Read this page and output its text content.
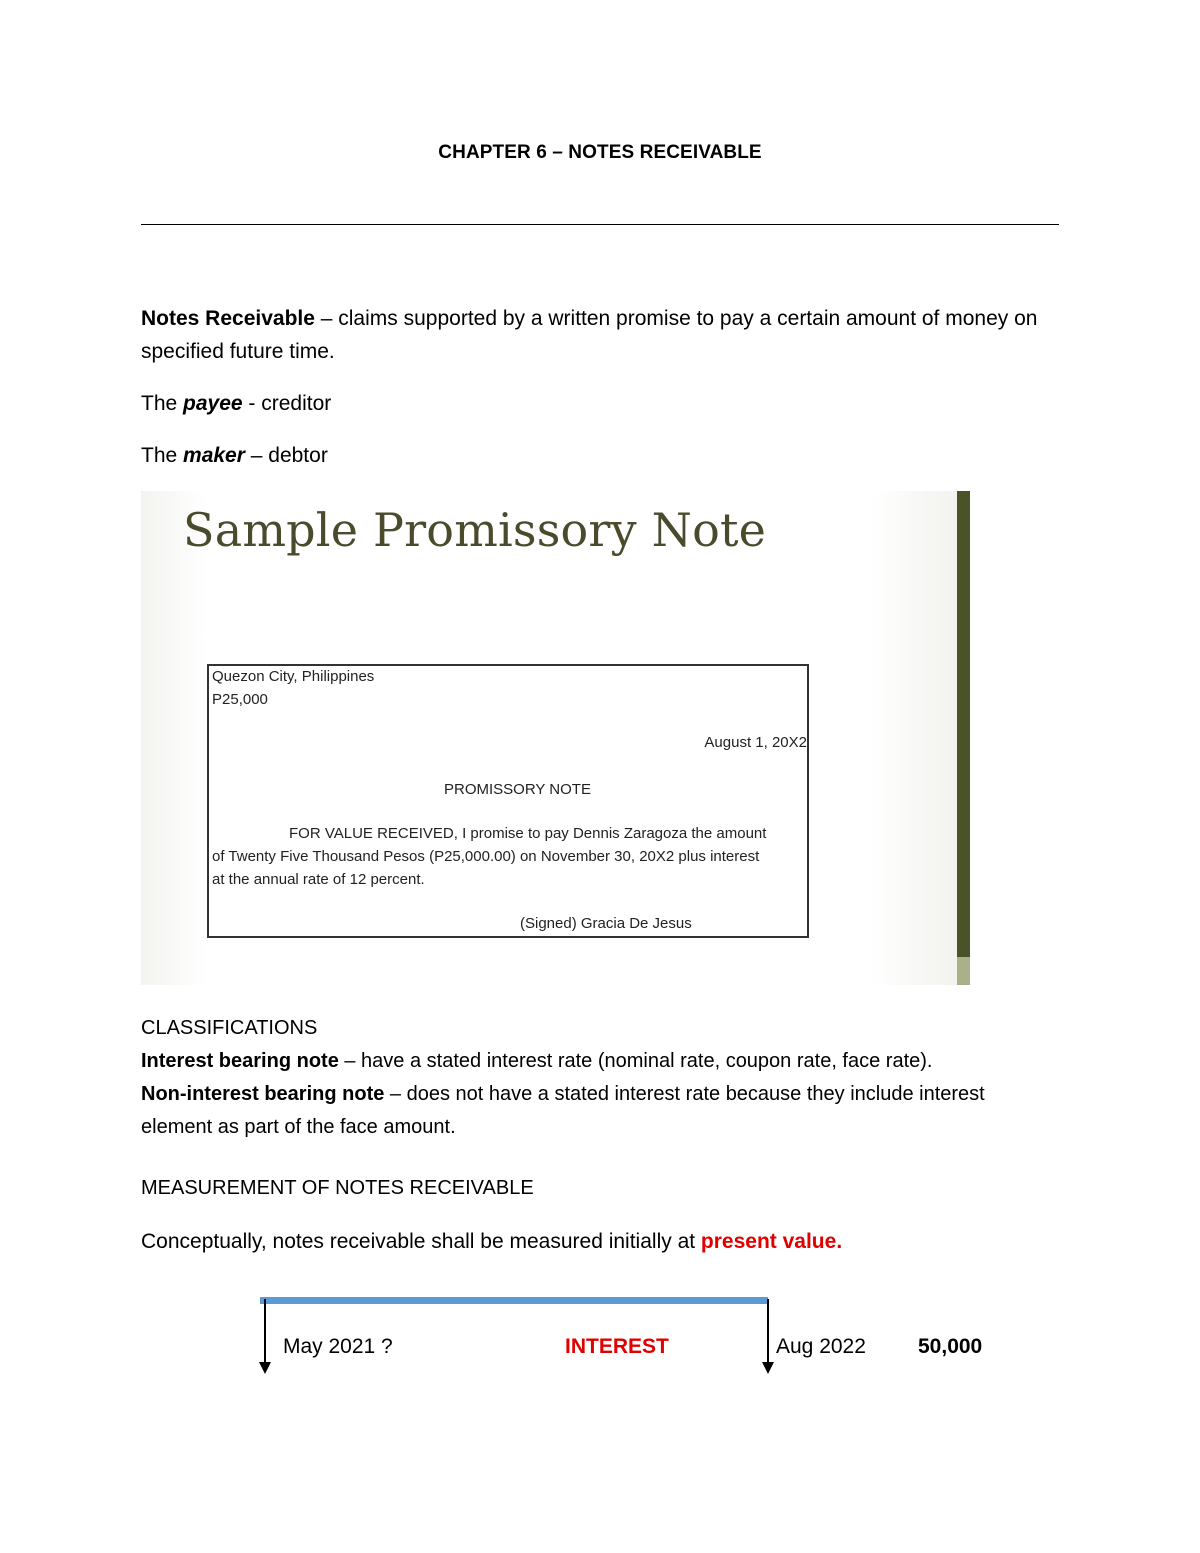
CHAPTER 6 – NOTES RECEIVABLE
Notes Receivable – claims supported by a written promise to pay a certain amount of money on specified future time.
The payee - creditor
The maker – debtor
Sample Promissory Note
Quezon City, Philippines
P25,000
August 1, 20X2
PROMISSORY NOTE
FOR VALUE RECEIVED, I promise to pay Dennis Zaragoza the amount
of Twenty Five Thousand Pesos (P25,000.00) on November 30, 20X2 plus interest
at the annual rate of 12 percent.
(Signed) Gracia De Jesus
CLASSIFICATIONS
Interest bearing note – have a stated interest rate (nominal rate, coupon rate, face rate).
Non-interest bearing note – does not have a stated interest rate because they include interest element as part of the face amount.
MEASUREMENT OF NOTES RECEIVABLE
Conceptually, notes receivable shall be measured initially at present value.
May 2021 ?	INTEREST	Aug 2022 50,000
